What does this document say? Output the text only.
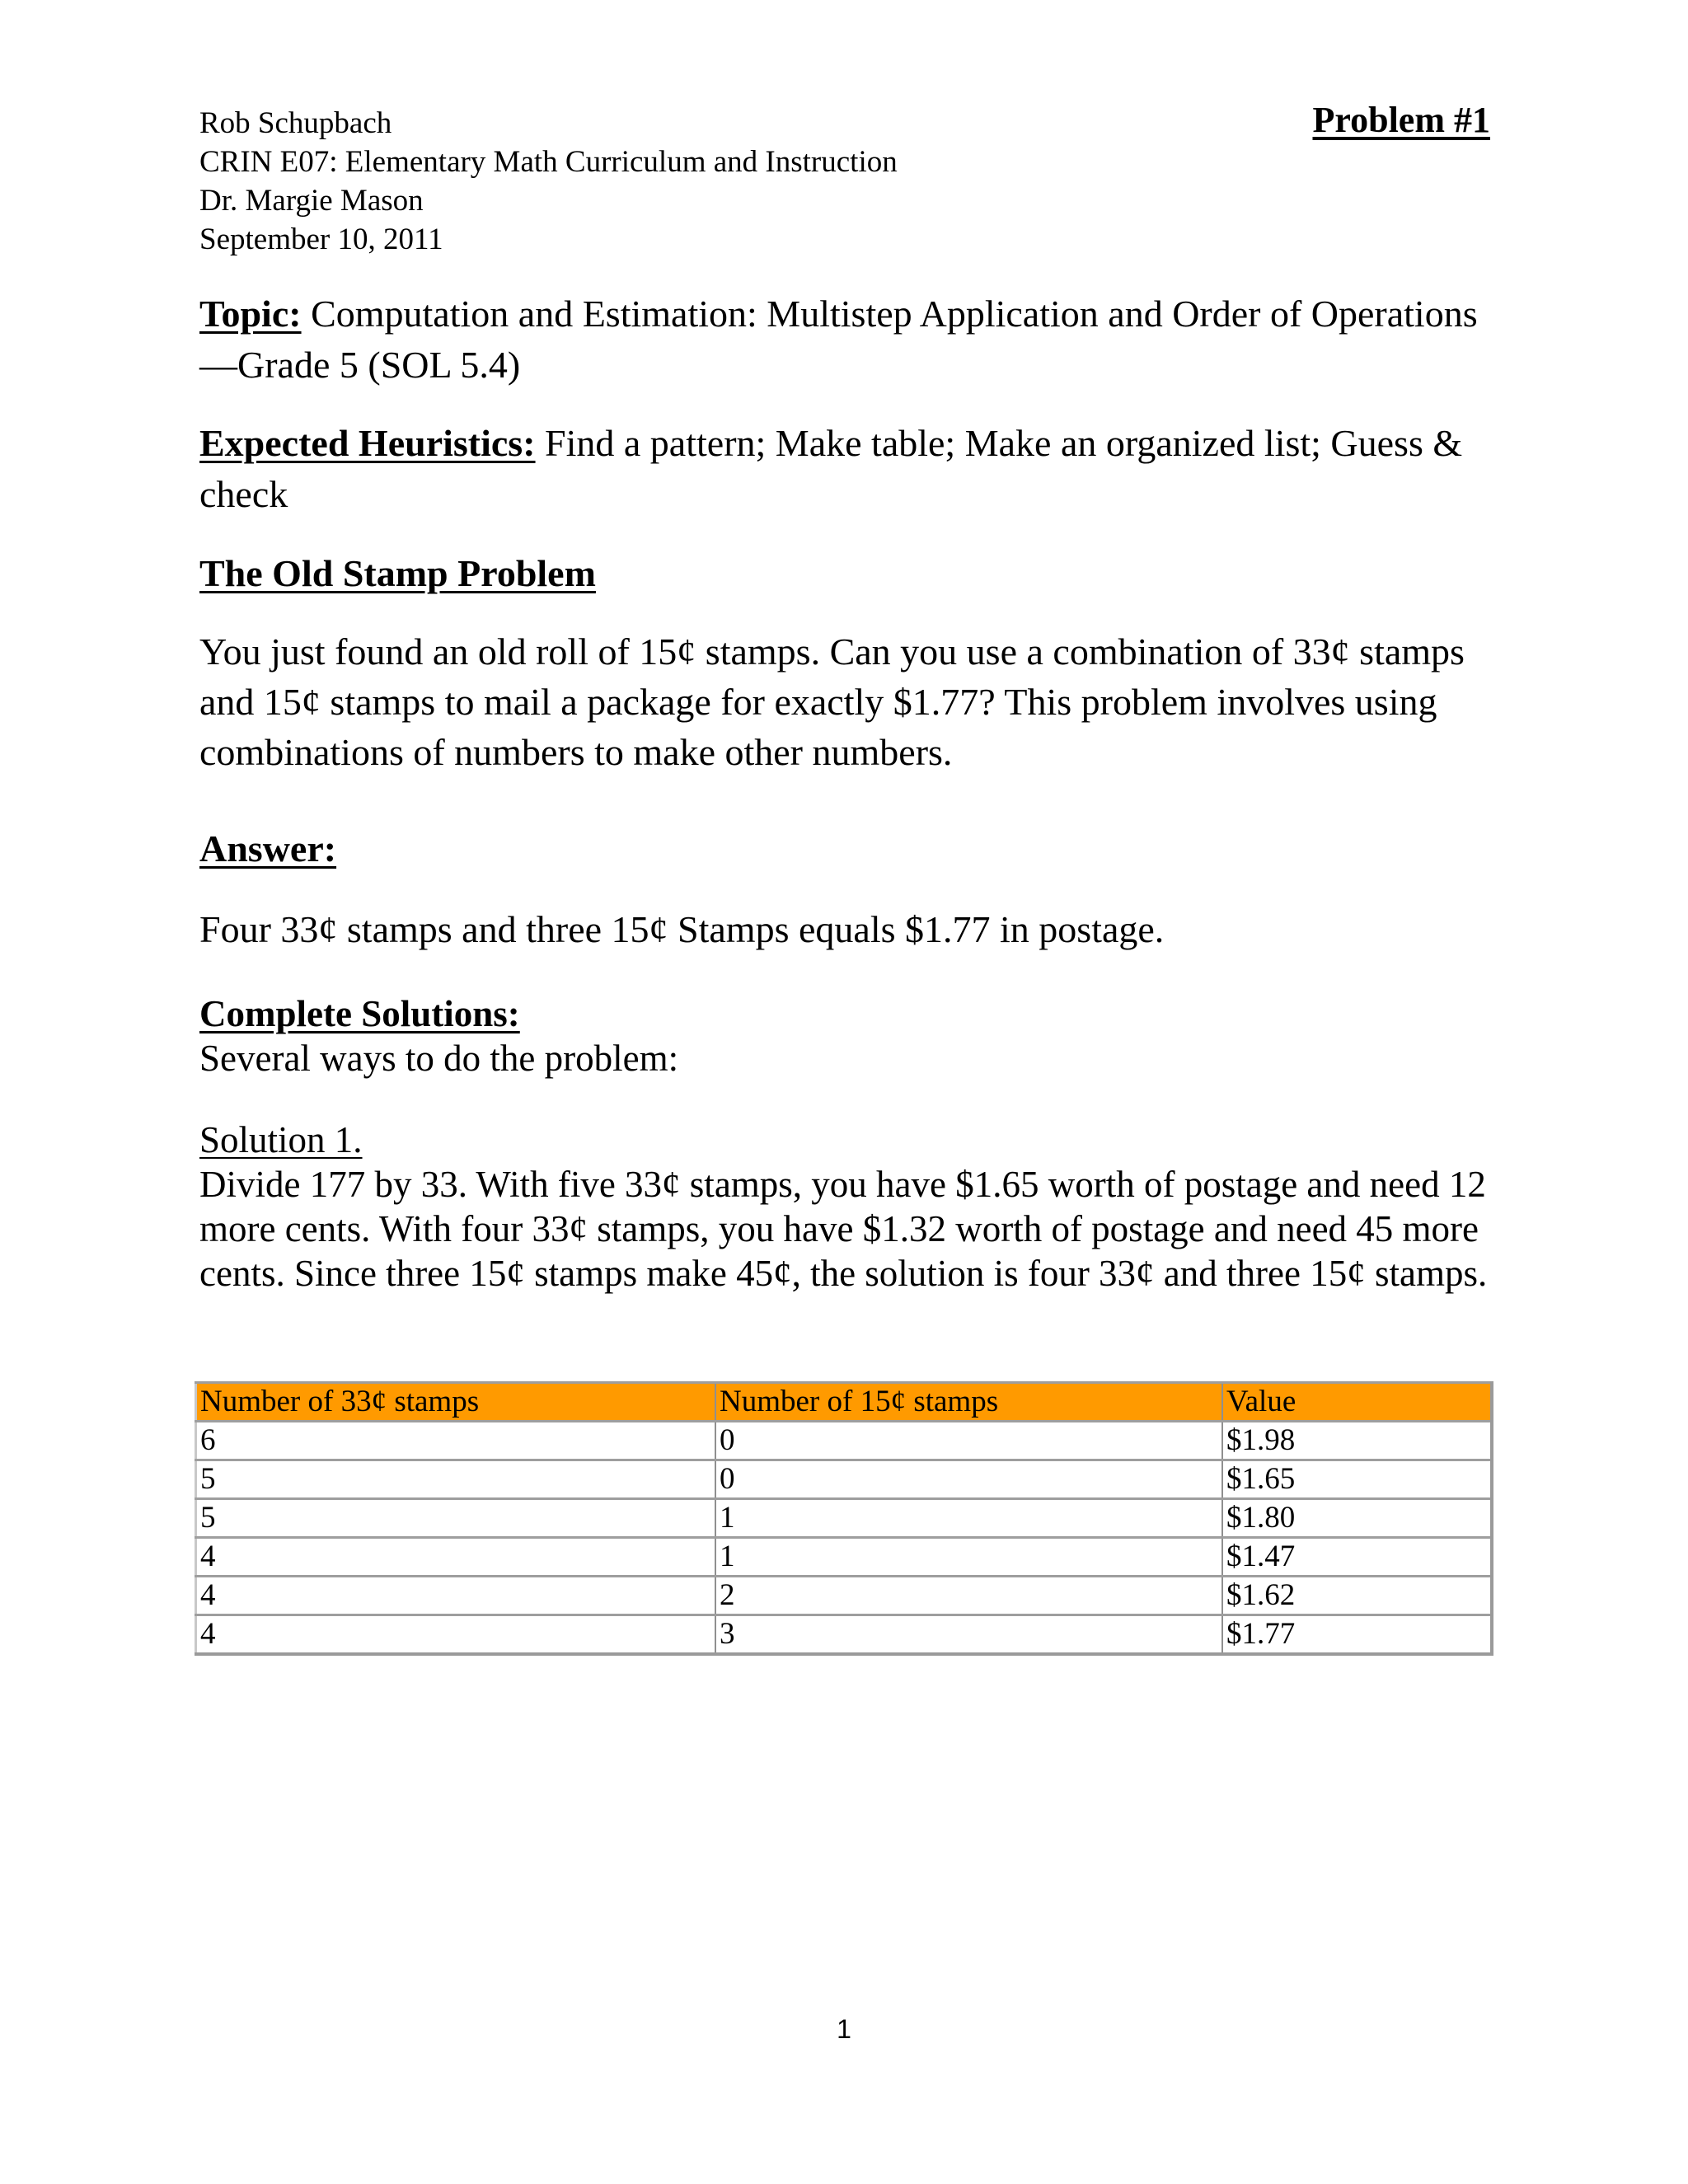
Rob Schupbach
CRIN E07: Elementary Math Curriculum and Instruction
Dr. Margie Mason
September 10, 2011
Problem #1
Topic: Computation and Estimation: Multistep Application and Order of Operations—Grade 5 (SOL 5.4)
Expected Heuristics: Find a pattern; Make table; Make an organized list; Guess & check
The Old Stamp Problem
You just found an old roll of 15¢ stamps. Can you use a combination of 33¢ stamps and 15¢ stamps to mail a package for exactly $1.77? This problem involves using combinations of numbers to make other numbers.
Answer:
Four 33¢ stamps and three 15¢ Stamps equals $1.77 in postage.
Complete Solutions:
Several ways to do the problem:
Solution 1.
Divide 177 by 33. With five 33¢ stamps, you have $1.65 worth of postage and need 12 more cents. With four 33¢ stamps, you have $1.32 worth of postage and need 45 more cents. Since three 15¢ stamps make 45¢, the solution is four 33¢ and three 15¢ stamps.
Number of 33¢ stamps	Number of 15¢ stamps	Value
6	0	$1.98
5	0	$1.65
5	1	$1.80
4	1	$1.47
4	2	$1.62
4	3	$1.77
1
